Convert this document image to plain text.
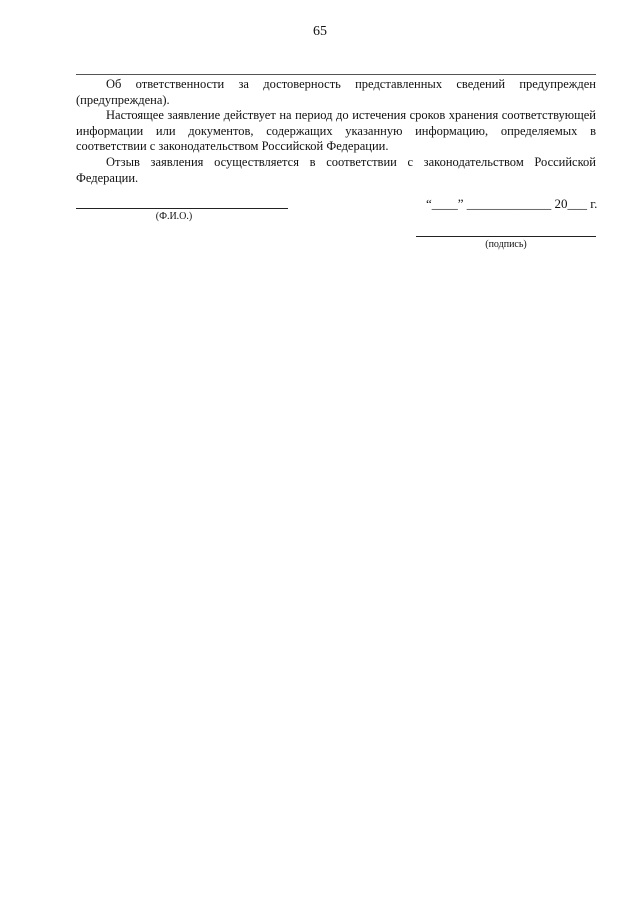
65

Об ответственности за достоверность представленных сведений предупрежден (предупреждена).

Настоящее заявление действует на период до истечения сроков хранения соответствующей информации или документов, содержащих указанную информацию, определяемых в соответствии с законодательством Российской Федерации.

Отзыв заявления осуществляется в соответствии с законодательством Российской Федерации.

(Ф.И.О.)
“____” _____________ 20___ г.
(подпись)
